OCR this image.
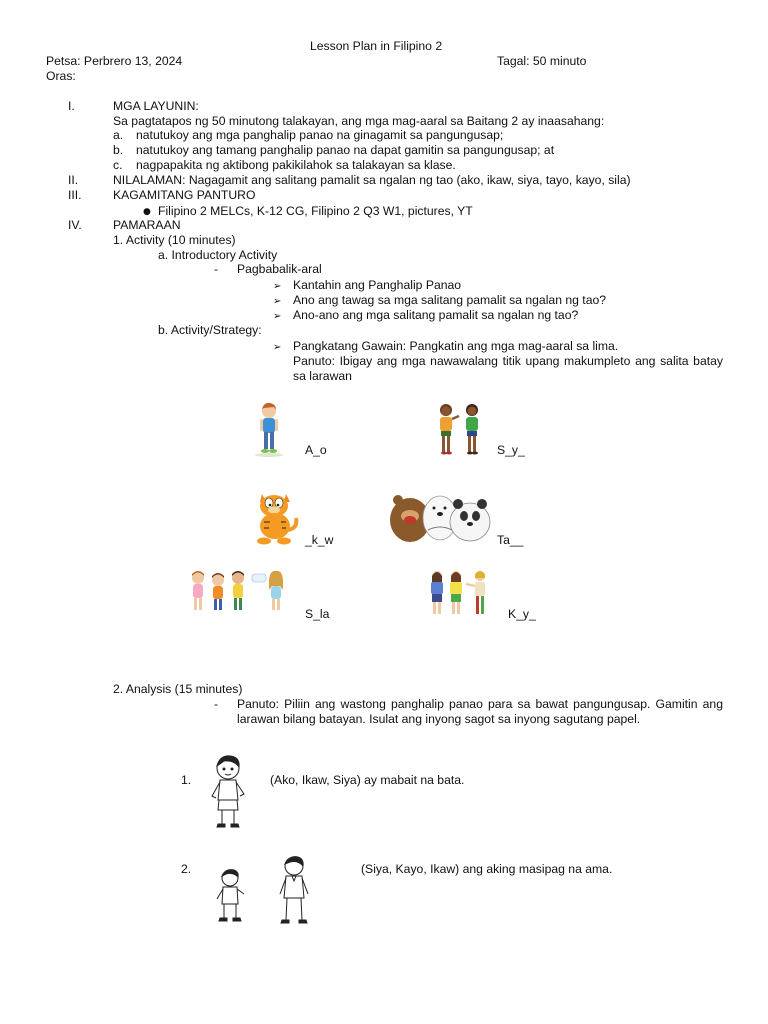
Lesson Plan in Filipino 2
Petsa: Perbrero 13, 2024	Tagal: 50 minuto
Oras:
I.	MGA LAYUNIN:
Sa pagtatapos ng 50 minutong talakayan, ang mga mag-aaral sa Baitang 2 ay inaasahang:
a. natutukoy ang mga panghalip panao na ginagamit sa pangungusap;
b. natutukoy ang tamang panghalip panao na dapat gamitin sa pangungusap; at
c. nagpapakita ng aktibong pakikilahok sa talakayan sa klase.
II.	NILALAMAN: Nagagamit ang salitang pamalit sa ngalan ng tao (ako, ikaw, siya, tayo, kayo, sila)
III.	KAGAMITANG PANTURO
● Filipino 2 MELCs, K-12 CG, Filipino 2 Q3 W1, pictures, YT
IV.	PAMARAAN
1. Activity (10 minutes)
a. Introductory Activity
- Pagbabalik-aral
➢ Kantahin ang Panghalip Panao
➢ Ano ang tawag sa mga salitang pamalit sa ngalan ng tao?
➢ Ano-ano ang mga salitang pamalit sa ngalan ng tao?
b. Activity/Strategy:
➢ Pangkatang Gawain: Pangkatin ang mga mag-aaral sa lima.
Panuto: Ibigay ang mga nawawalang titik upang makumpleto ang salita batay sa larawan
A_o	S_y_
_k_w	Ta__
S_la	K_y_
2. Analysis (15 minutes)
- Panuto: Piliin ang wastong panghalip panao para sa bawat pangungusap. Gamitin ang larawan bilang batayan. Isulat ang inyong sagot sa inyong sagutang papel.
1.	(Ako, Ikaw, Siya) ay mabait na bata.
2.	(Siya, Kayo, Ikaw) ang aking masipag na ama.
